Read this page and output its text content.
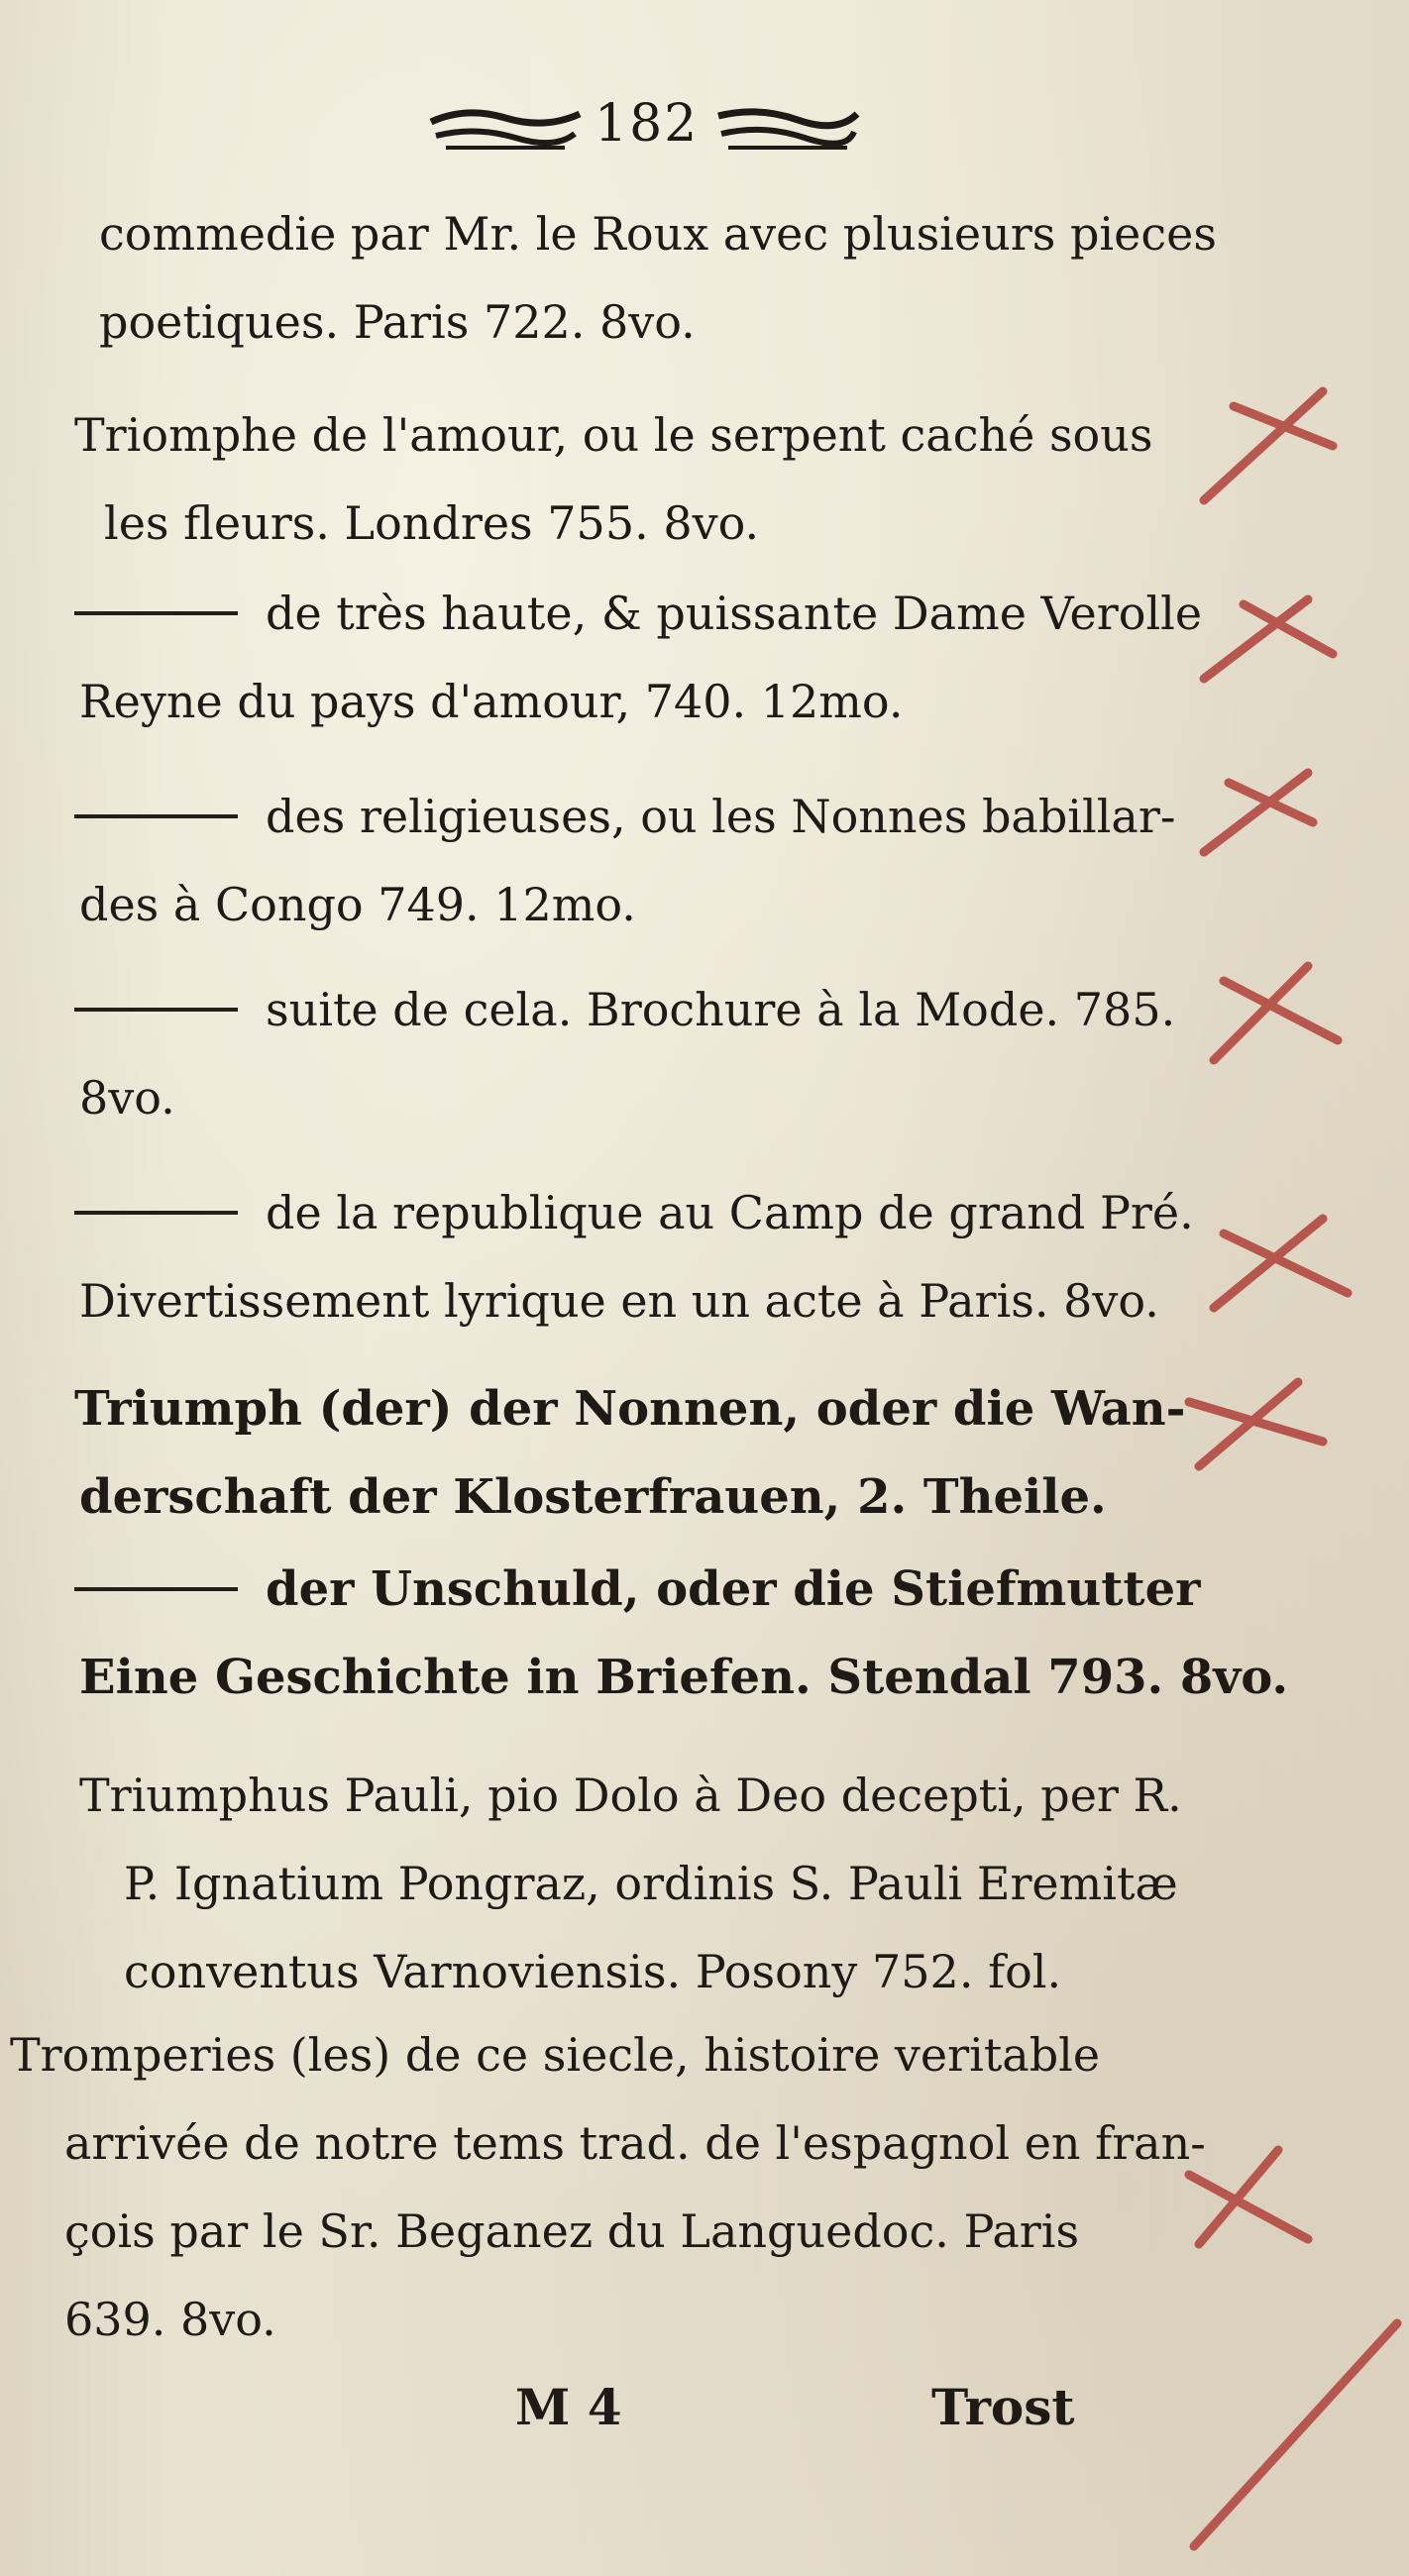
182
commedie par Mr. le Roux avec plusieurs pieces
poetiques. Paris 722. 8vo.
Triomphe de l'amour, ou le serpent caché sous
les fleurs. Londres 755. 8vo.
de très haute, & puissante Dame Verolle
Reyne du pays d'amour, 740. 12mo.
des religieuses, ou les Nonnes babillar-
des à Congo 749. 12mo.
suite de cela. Brochure à la Mode. 785.
8vo.
de la republique au Camp de grand Pré.
Divertissement lyrique en un acte à Paris. 8vo.
Triumph (der) der Nonnen, oder die Wan-
derschaft der Klosterfrauen, 2. Theile.
der Unschuld, oder die Stiefmutter
Eine Geschichte in Briefen. Stendal 793. 8vo.
Triumphus Pauli, pio Dolo à Deo decepti, per R.
P. Ignatium Pongraz, ordinis S. Pauli Eremitæ
conventus Varnoviensis. Posony 752. fol.
Tromperies (les) de ce siecle, histoire veritable
arrivée de notre tems trad. de l'espagnol en fran-
çois par le Sr. Beganez du Languedoc. Paris
639. 8vo.
M 4	Trost
